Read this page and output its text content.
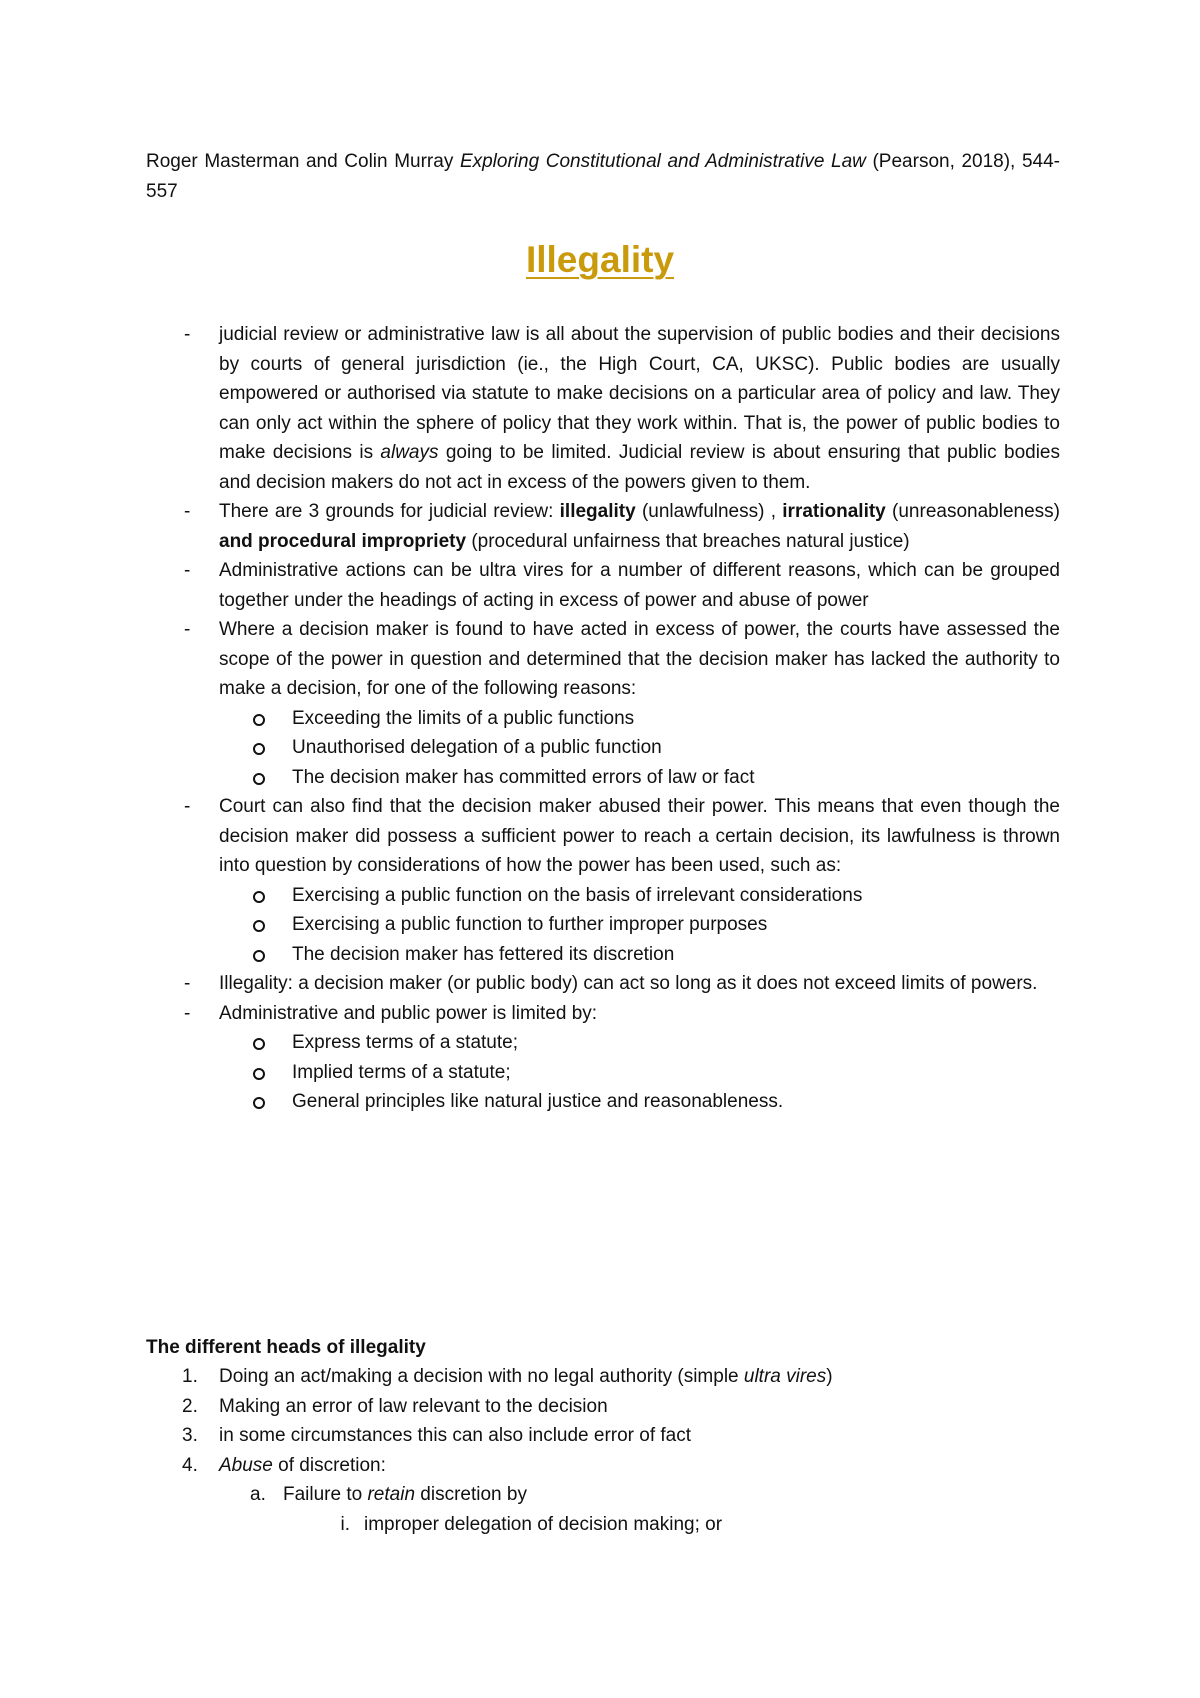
Roger Masterman and Colin Murray Exploring Constitutional and Administrative Law (Pearson, 2018), 544-557

Illegality
- judicial review or administrative law is all about the supervision of public bodies and their decisions by courts of general jurisdiction (ie., the High Court, CA, UKSC). Public bodies are usually empowered or authorised via statute to make decisions on a particular area of policy and law. They can only act within the sphere of policy that they work within. That is, the power of public bodies to make decisions is always going to be limited. Judicial review is about ensuring that public bodies and decision makers do not act in excess of the powers given to them.
- There are 3 grounds for judicial review: illegality (unlawfulness) , irrationality (unreasonableness)  and procedural impropriety (procedural unfairness that breaches natural justice)
- Administrative actions can be ultra vires for a number of different reasons, which can be grouped together under the headings of acting in excess of power and abuse of power
- Where a decision maker is found to have acted in excess of power, the courts have assessed the scope of the power in question and determined that the decision maker has lacked the authority to make a decision, for one of the following reasons:
Exceeding the limits of a public functions
Unauthorised delegation of a public function
The decision maker has committed errors of law or fact
- Court can also find that the decision maker abused their power. This means that even though the decision maker did possess a sufficient power to reach a certain decision, its lawfulness is thrown into question by considerations of how the power has been used, such as:
Exercising a public function on the basis of irrelevant considerations
Exercising a public function to further improper purposes
The decision maker has fettered its discretion
- Illegality: a decision maker (or public body) can act so long as it does not exceed limits of powers.
- Administrative and public power is limited by:
Express terms of a statute;
Implied terms of a statute;
General principles like natural justice and reasonableness.
The different heads of illegality
1. Doing an act/making a decision with no legal authority (simple ultra vires)
2. Making an error of law relevant to the decision
3. in some circumstances this can also include error of fact
4. Abuse of discretion:
a. Failure to retain discretion by
i. improper delegation of decision making; or
